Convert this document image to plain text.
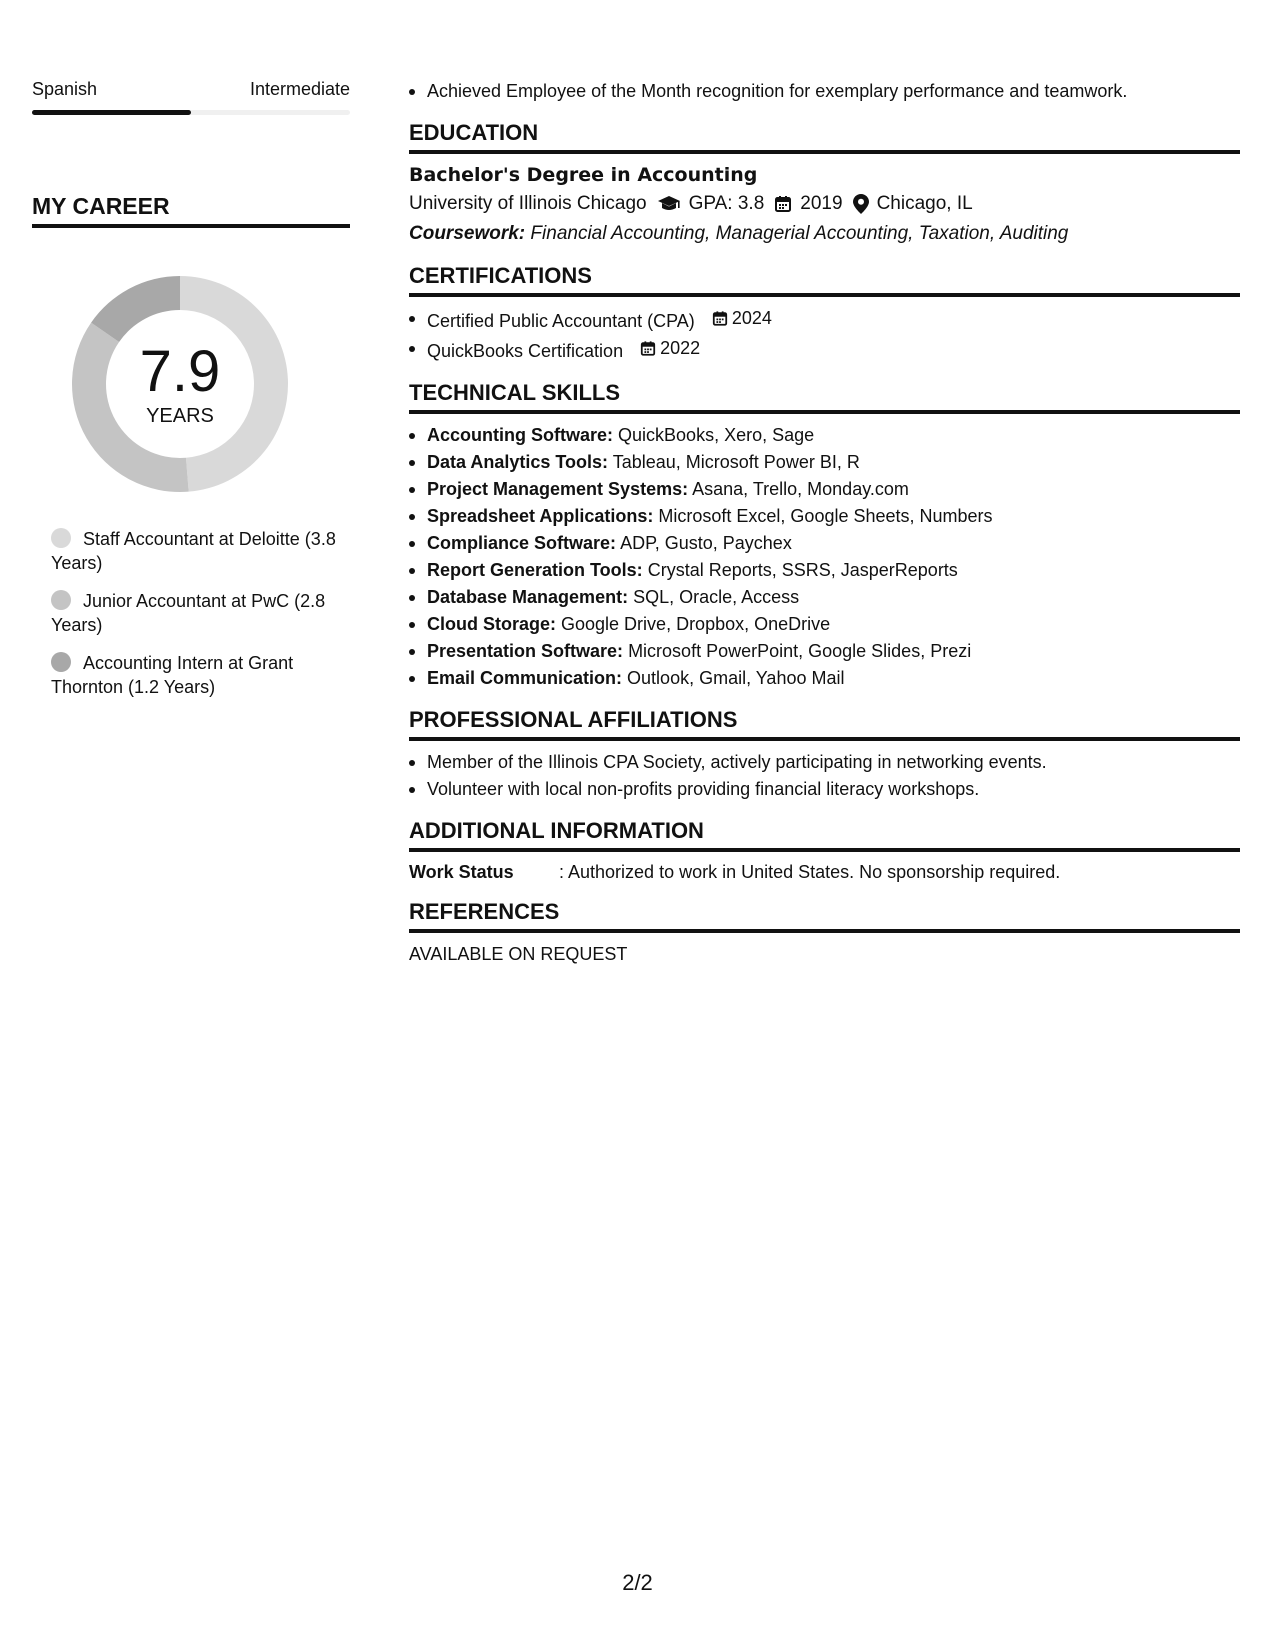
Spanish	Intermediate
MY CAREER
7.9
YEARS
Staff Accountant at Deloitte (3.8 Years)
Junior Accountant at PwC (2.8 Years)
Accounting Intern at Grant Thornton (1.2 Years)
Achieved Employee of the Month recognition for exemplary performance and teamwork.
EDUCATION
Bachelor's Degree in Accounting
University of Illinois Chicago GPA: 3.8 2019 Chicago, IL
Coursework: Financial Accounting, Managerial Accounting, Taxation, Auditing
CERTIFICATIONS
Certified Public Accountant (CPA) 2024
QuickBooks Certification 2022
TECHNICAL SKILLS
Accounting Software: QuickBooks, Xero, Sage
Data Analytics Tools: Tableau, Microsoft Power BI, R
Project Management Systems: Asana, Trello, Monday.com
Spreadsheet Applications: Microsoft Excel, Google Sheets, Numbers
Compliance Software: ADP, Gusto, Paychex
Report Generation Tools: Crystal Reports, SSRS, JasperReports
Database Management: SQL, Oracle, Access
Cloud Storage: Google Drive, Dropbox, OneDrive
Presentation Software: Microsoft PowerPoint, Google Slides, Prezi
Email Communication: Outlook, Gmail, Yahoo Mail
PROFESSIONAL AFFILIATIONS
Member of the Illinois CPA Society, actively participating in networking events.
Volunteer with local non-profits providing financial literacy workshops.
ADDITIONAL INFORMATION
Work Status	: Authorized to work in United States. No sponsorship required.
REFERENCES
AVAILABLE ON REQUEST
2/2
